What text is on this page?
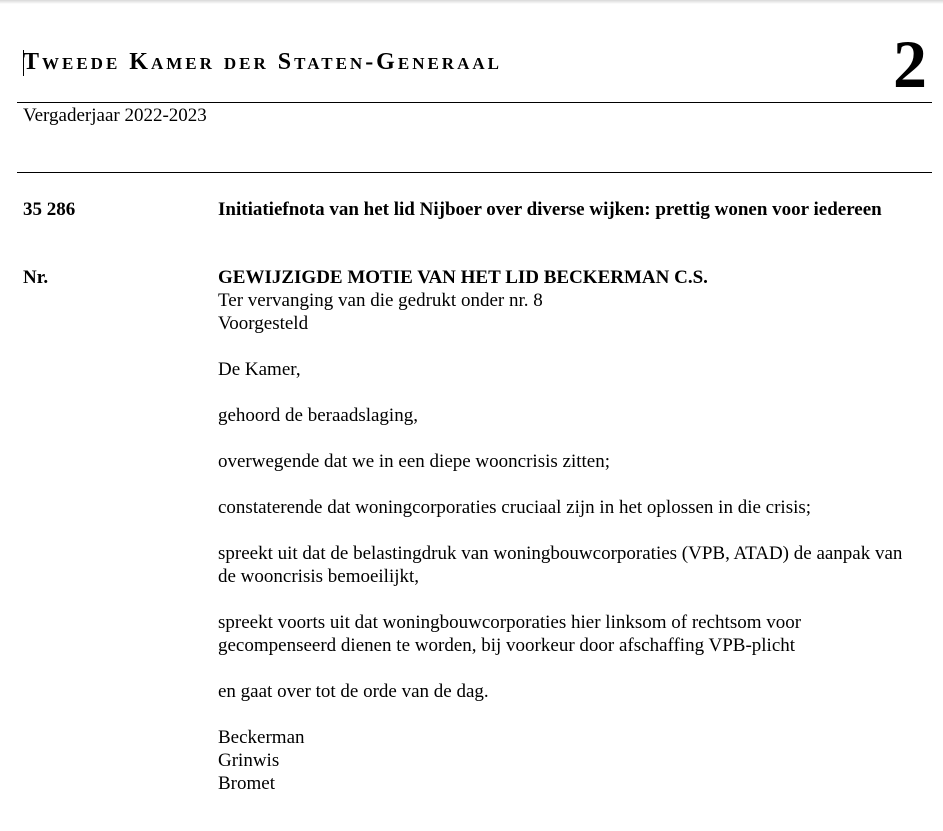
Tweede Kamer der Staten-Generaal	2
Vergaderjaar 2022-2023
35 286	Initiatiefnota van het lid Nijboer over diverse wijken: prettig wonen voor iedereen
Nr.	GEWIJZIGDE MOTIE VAN HET LID BECKERMAN C.S.
Ter vervanging van die gedrukt onder nr. 8
Voorgesteld
De Kamer,
gehoord de beraadslaging,
overwegende dat we in een diepe wooncrisis zitten;
constaterende dat woningcorporaties cruciaal zijn in het oplossen in die crisis;
spreekt uit dat de belastingdruk van woningbouwcorporaties (VPB, ATAD) de aanpak van de wooncrisis bemoeilijkt,
spreekt voorts uit dat woningbouwcorporaties hier linksom of rechtsom voor gecompenseerd dienen te worden, bij voorkeur door afschaffing VPB-plicht
en gaat over tot de orde van de dag.
Beckerman
Grinwis
Bromet
